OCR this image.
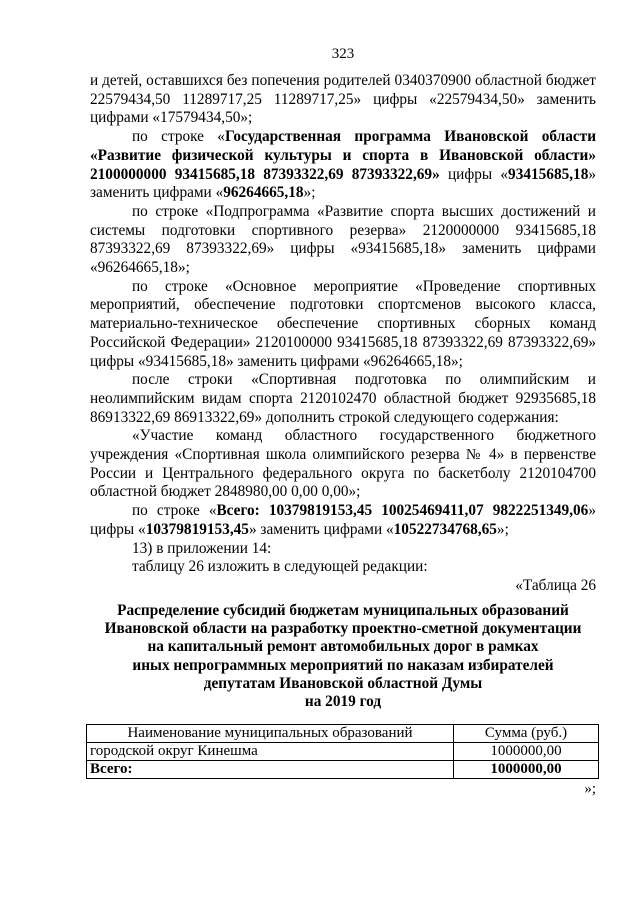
323

и детей, оставшихся без попечения родителей 0340370900 областной бюджет 22579434,50 11289717,25 11289717,25» цифры «22579434,50» заменить цифрами «17579434,50»;

по строке «Государственная программа Ивановской области «Развитие физической культуры и спорта в Ивановской области» 2100000000 93415685,18 87393322,69 87393322,69» цифры «93415685,18» заменить цифрами «96264665,18»;

по строке «Подпрограмма «Развитие спорта высших достижений и системы подготовки спортивного резерва» 2120000000 93415685,18 87393322,69 87393322,69» цифры «93415685,18» заменить цифрами «96264665,18»;

по строке «Основное мероприятие «Проведение спортивных мероприятий, обеспечение подготовки спортсменов высокого класса, материально-техническое обеспечение спортивных сборных команд Российской Федерации» 2120100000 93415685,18 87393322,69 87393322,69» цифры «93415685,18» заменить цифрами «96264665,18»;

после строки «Спортивная подготовка по олимпийским и неолимпийским видам спорта 2120102470 областной бюджет 92935685,18 86913322,69 86913322,69» дополнить строкой следующего содержания:

«Участие команд областного государственного бюджетного учреждения «Спортивная школа олимпийского резерва № 4» в первенстве России и Центрального федерального округа по баскетболу 2120104700 областной бюджет 2848980,00 0,00 0,00»;

по строке «Всего: 10379819153,45 10025469411,07 9822251349,06» цифры «10379819153,45» заменить цифрами «10522734768,65»;

13) в приложении 14:

таблицу 26 изложить в следующей редакции:

«Таблица 26

Распределение субсидий бюджетам муниципальных образований
Ивановской области на разработку проектно-сметной документации
на капитальный ремонт автомобильных дорог в рамках
иных непрограммных мероприятий по наказам избирателей
депутатам Ивановской областной Думы
на 2019 год
Наименование муниципальных образований	Сумма (руб.)
городской округ Кинешма	1000000,00
Всего:	1000000,00
»;
